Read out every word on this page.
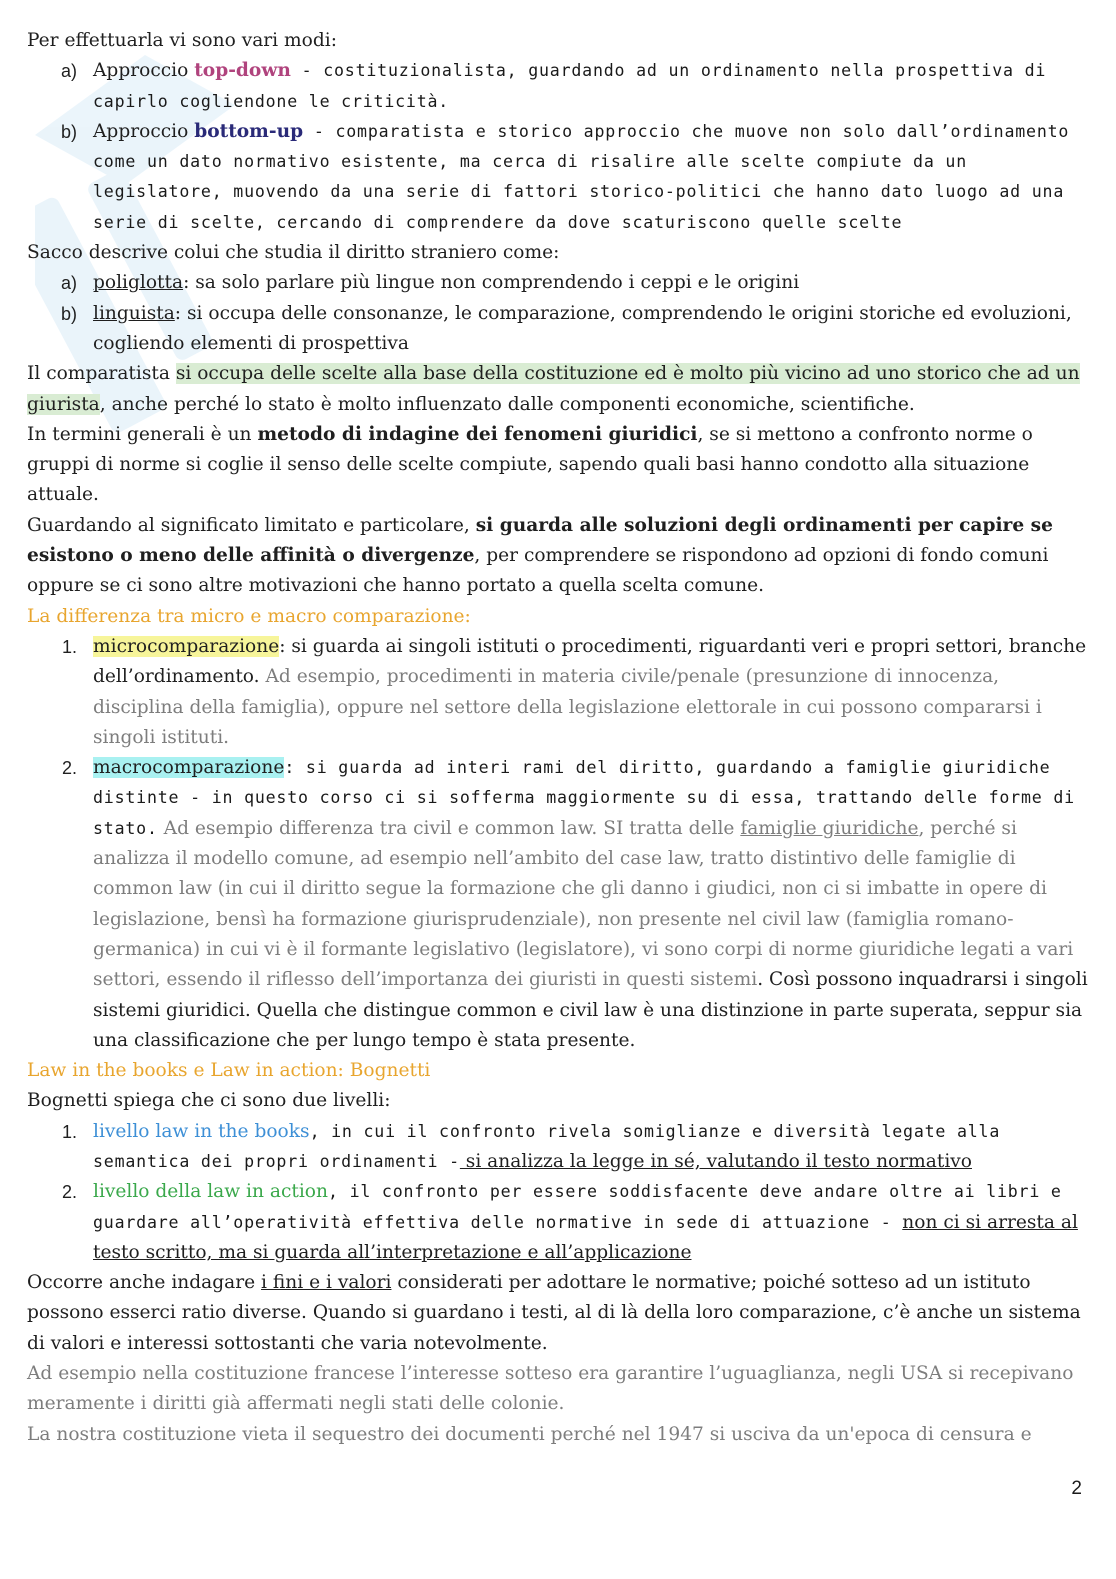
Per effettuarla vi sono vari modi:

a) Approccio top-down - costituzionalista, guardando ad un ordinamento nella prospettiva di capirlo cogliendone le criticità.
b) Approccio bottom-up - comparatista e storico approccio che muove non solo dall’ordinamento come un dato normativo esistente, ma cerca di risalire alle scelte compiute da un legislatore, muovendo da una serie di fattori storico-politici che hanno dato luogo ad una serie di scelte, cercando di comprendere da dove scaturiscono quelle scelte

Sacco descrive colui che studia il diritto straniero come:

a) poliglotta: sa solo parlare più lingue non comprendendo i ceppi e le origini
b) linguista: si occupa delle consonanze, le comparazione, comprendendo le origini storiche ed evoluzioni, cogliendo elementi di prospettiva

Il comparatista si occupa delle scelte alla base della costituzione ed è molto più vicino ad uno storico che ad un giurista, anche perché lo stato è molto influenzato dalle componenti economiche, scientifiche.

In termini generali è un metodo di indagine dei fenomeni giuridici, se si mettono a confronto norme o gruppi di norme si coglie il senso delle scelte compiute, sapendo quali basi hanno condotto alla situazione attuale.

Guardando al significato limitato e particolare, si guarda alle soluzioni degli ordinamenti per capire se esistono o meno delle affinità o divergenze, per comprendere se rispondono ad opzioni di fondo comuni oppure se ci sono altre motivazioni che hanno portato a quella scelta comune.

La differenza tra micro e macro comparazione:

1. microcomparazione: si guarda ai singoli istituti o procedimenti, riguardanti veri e propri settori, branche dell’ordinamento. Ad esempio, procedimenti in materia civile/penale (presunzione di innocenza, disciplina della famiglia), oppure nel settore della legislazione elettorale in cui possono compararsi i singoli istituti.
2. macrocomparazione: si guarda ad interi rami del diritto, guardando a famiglie giuridiche distinte - in questo corso ci si sofferma maggiormente su di essa, trattando delle forme di stato. Ad esempio differenza tra civil e common law. SI tratta delle famiglie giuridiche, perché si analizza il modello comune, ad esempio nell’ambito del case law, tratto distintivo delle famiglie di common law (in cui il diritto segue la formazione che gli danno i giudici, non ci si imbatte in opere di legislazione, bensì ha formazione giurisprudenziale), non presente nel civil law (famiglia romano-germanica) in cui vi è il formante legislativo (legislatore), vi sono corpi di norme giuridiche legati a vari settori, essendo il riflesso dell’importanza dei giuristi in questi sistemi. Così possono inquadrarsi i singoli sistemi giuridici. Quella che distingue common e civil law è una distinzione in parte superata, seppur sia una classificazione che per lungo tempo è stata presente.

Law in the books e Law in action: Bognetti

Bognetti spiega che ci sono due livelli:

1. livello law in the books, in cui il confronto rivela somiglianze e diversità legate alla semantica dei propri ordinamenti - si analizza la legge in sé, valutando il testo normativo
2. livello della law in action, il confronto per essere soddisfacente deve andare oltre ai libri e guardare all’operatività effettiva delle normative in sede di attuazione - non ci si arresta al testo scritto, ma si guarda all’interpretazione e all’applicazione

Occorre anche indagare i fini e i valori considerati per adottare le normative; poiché sotteso ad un istituto possono esserci ratio diverse. Quando si guardano i testi, al di là della loro comparazione, c’è anche un sistema di valori e interessi sottostanti che varia notevolmente.

Ad esempio nella costituzione francese l’interesse sotteso era garantire l’uguaglianza, negli USA si recepivano meramente i diritti già affermati negli stati delle colonie.

La nostra costituzione vieta il sequestro dei documenti perché nel 1947 si usciva da un'epoca di censura e

2
